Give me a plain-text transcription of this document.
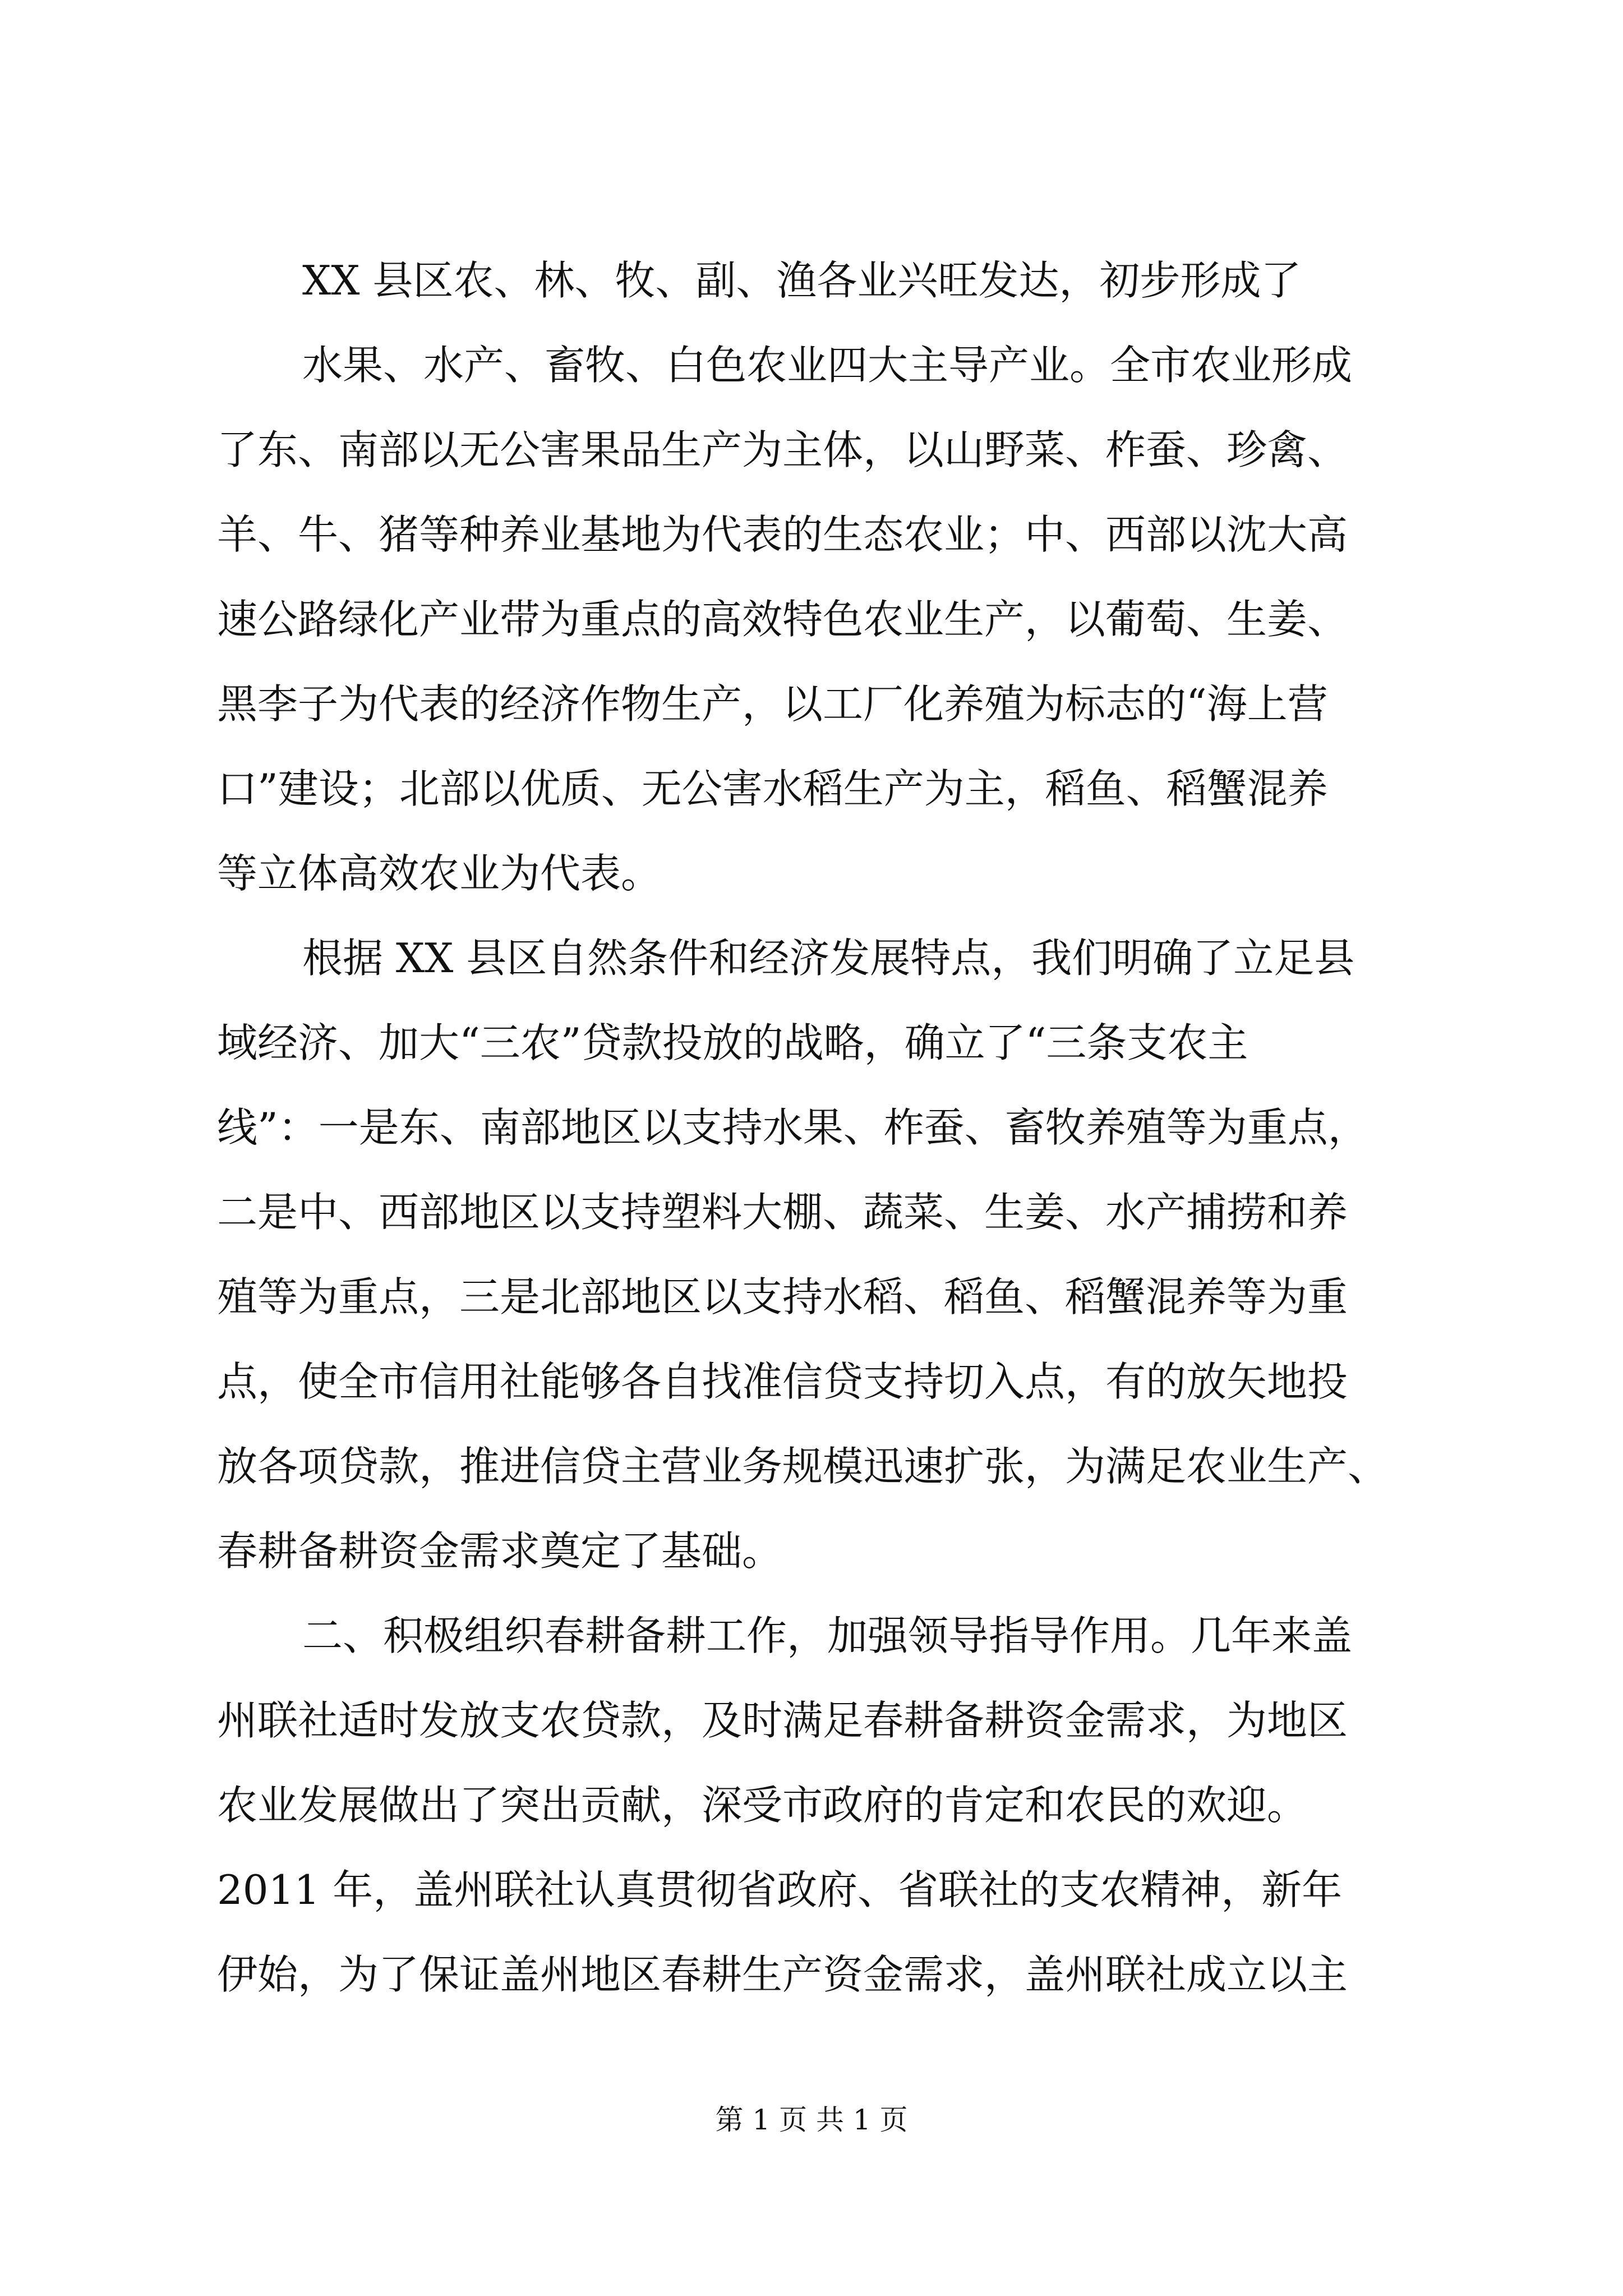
XX 县区农、林、牧、副、渔各业兴旺发达，初步形成了
水果、水产、畜牧、白色农业四大主导产业。全市农业形成
了东、南部以无公害果品生产为主体，以山野菜、柞蚕、珍禽、
羊、牛、猪等种养业基地为代表的生态农业；中、西部以沈大高
速公路绿化产业带为重点的高效特色农业生产，以葡萄、生姜、
黑李子为代表的经济作物生产，以工厂化养殖为标志的“海上营
口”建设；北部以优质、无公害水稻生产为主，稻鱼、稻蟹混养
等立体高效农业为代表。
根据 XX 县区自然条件和经济发展特点，我们明确了立足县
域经济、加大“三农”贷款投放的战略，确立了“三条支农主
线”：一是东、南部地区以支持水果、柞蚕、畜牧养殖等为重点，
二是中、西部地区以支持塑料大棚、蔬菜、生姜、水产捕捞和养
殖等为重点，三是北部地区以支持水稻、稻鱼、稻蟹混养等为重
点，使全市信用社能够各自找准信贷支持切入点，有的放矢地投
放各项贷款，推进信贷主营业务规模迅速扩张，为满足农业生产、
春耕备耕资金需求奠定了基础。
二、积极组织春耕备耕工作，加强领导指导作用。几年来盖
州联社适时发放支农贷款，及时满足春耕备耕资金需求，为地区
农业发展做出了突出贡献，深受市政府的肯定和农民的欢迎。
2011 年，盖州联社认真贯彻省政府、省联社的支农精神，新年
伊始，为了保证盖州地区春耕生产资金需求，盖州联社成立以主
第 1 页 共 1 页
